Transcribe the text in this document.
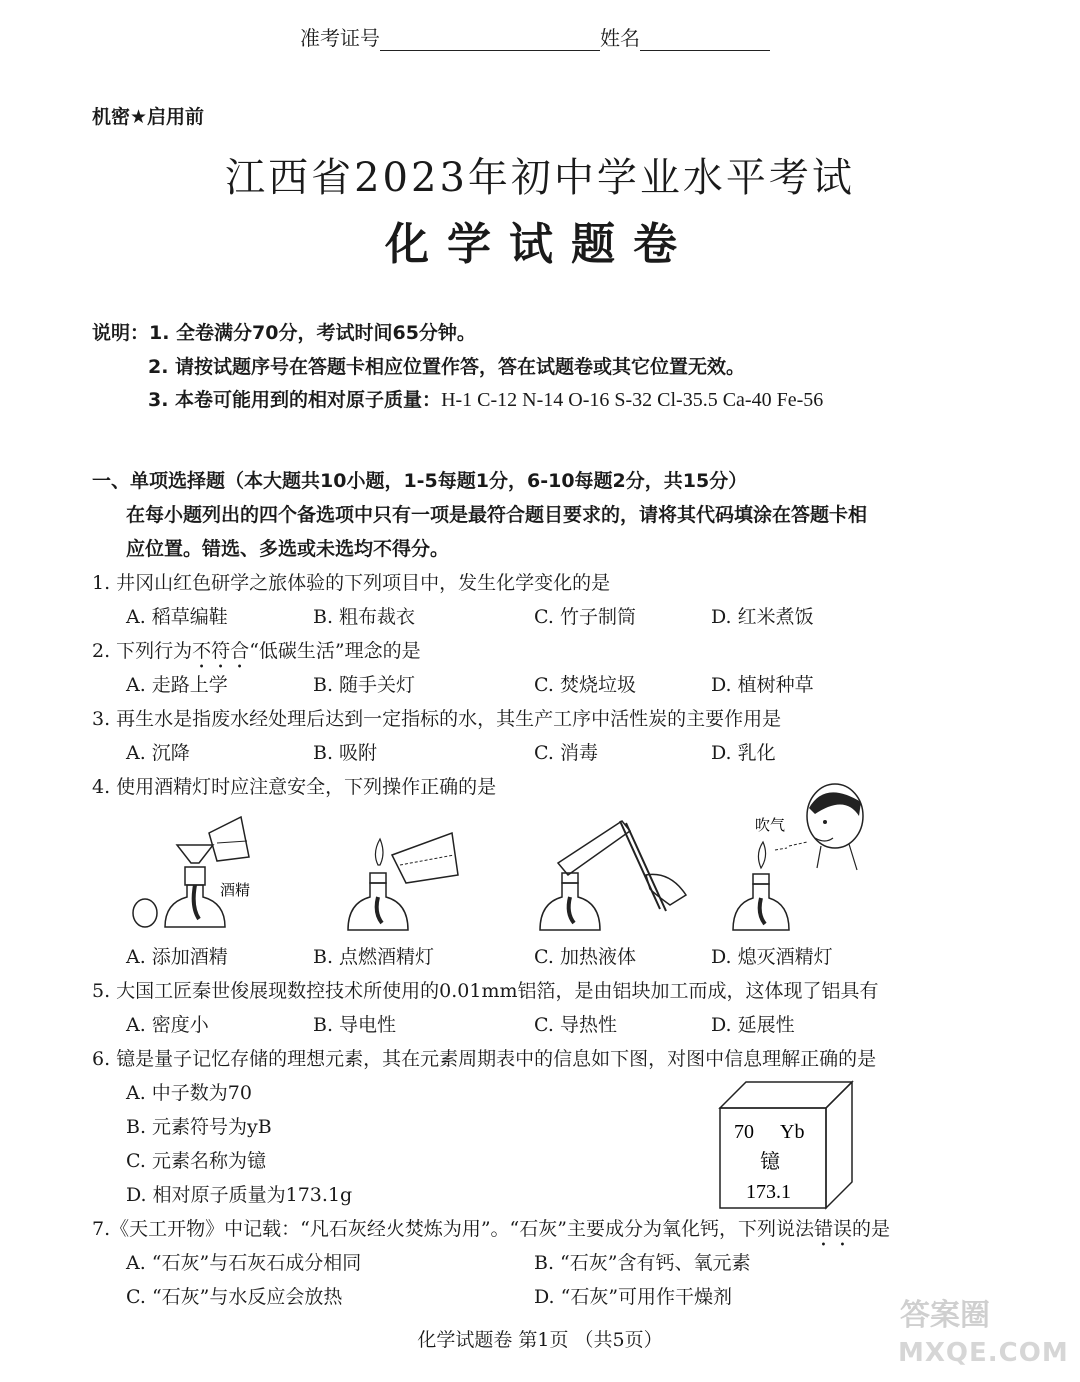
准考证号	姓名
机密★启用前
江西省2023年初中学业水平考试
化学试题卷
说明：1. 全卷满分70分，考试时间65分钟。
2. 请按试题序号在答题卡相应位置作答，答在试题卷或其它位置无效。
3. 本卷可能用到的相对原子质量：H-1 C-12 N-14 O-16 S-32 Cl-35.5 Ca-40 Fe-56
一、单项选择题（本大题共10小题，1-5每题1分，6-10每题2分，共15分）
在每小题列出的四个备选项中只有一项是最符合题目要求的，请将其代码填涂在答题卡相
应位置。错选、多选或未选均不得分。
1. 井冈山红色研学之旅体验的下列项目中，发生化学变化的是
A. 稻草编鞋	B. 粗布裁衣	C. 竹子制筒	D. 红米煮饭
2. 下列行为不符合“低碳生活”理念的是
A. 走路上学	B. 随手关灯	C. 焚烧垃圾	D. 植树种草
3. 再生水是指废水经处理后达到一定指标的水，其生产工序中活性炭的主要作用是
A. 沉降	B. 吸附	C. 消毒	D. 乳化
4. 使用酒精灯时应注意安全，下列操作正确的是
酒精
吹气
A. 添加酒精	B. 点燃酒精灯	C. 加热液体	D. 熄灭酒精灯
5. 大国工匠秦世俊展现数控技术所使用的0.01mm铝箔，是由铝块加工而成，这体现了铝具有
A. 密度小	B. 导电性	C. 导热性	D. 延展性
6. 镱是量子记忆存储的理想元素，其在元素周期表中的信息如下图，对图中信息理解正确的是
A. 中子数为70
B. 元素符号为yB
C. 元素名称为镱
D. 相对原子质量为173.1g
70 Yb
镱
173.1
7.《天工开物》中记载：“凡石灰经火焚炼为用”。“石灰”主要成分为氧化钙，下列说法错误的是
A. “石灰”与石灰石成分相同	B. “石灰”含有钙、氧元素
C. “石灰”与水反应会放热	D. “石灰”可用作干燥剂
化学试题卷 第1页 （共5页）
答案圈
MXQE.COM
